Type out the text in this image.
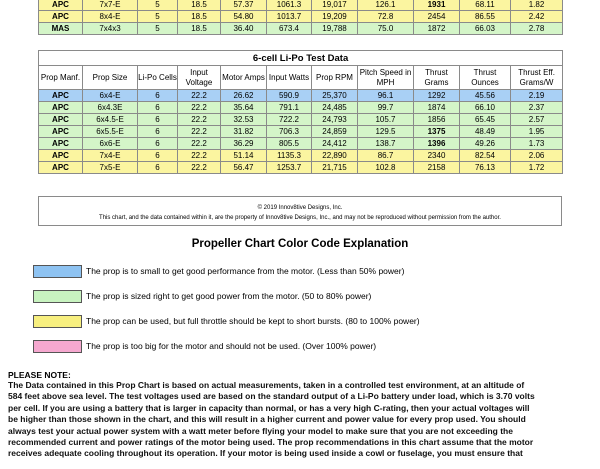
APC	7x7-E	5	18.5	57.37	1061.3	19,017	126.1	1931	68.11	1.82
APC	8x4-E	5	18.5	54.80	1013.7	19,209	72.8	2454	86.55	2.42
MAS	7x4x3	5	18.5	36.40	673.4	19,788	75.0	1872	66.03	2.78
6-cell Li-Po Test Data										
Prop Manf.	Prop Size	Li-Po Cells	Input Voltage	Motor Amps	Input Watts	Prop RPM	Pitch Speed in MPH	Thrust Grams	Thrust Ounces	Thrust Eff. Grams/W
APC	6x4-E	6	22.2	26.62	590.9	25,370	96.1	1292	45.56	2.19
APC	6x4.3E	6	22.2	35.64	791.1	24,485	99.7	1874	66.10	2.37
APC	6x4.5-E	6	22.2	32.53	722.2	24,793	105.7	1856	65.45	2.57
APC	6x5.5-E	6	22.2	31.82	706.3	24,859	129.5	1375	48.49	1.95
APC	6x6-E	6	22.2	36.29	805.5	24,412	138.7	1396	49.26	1.73
APC	7x4-E	6	22.2	51.14	1135.3	22,890	86.7	2340	82.54	2.06
APC	7x5-E	6	22.2	56.47	1253.7	21,715	102.8	2158	76.13	1.72
© 2019 Innov8tive Designs, Inc.
This chart, and the data contained within it, are the property of Innov8tive Designs, Inc., and may not be reproduced without permission from the author.
Propeller Chart Color Code Explanation
The prop is to small to get good performance from the motor. (Less than 50% power)
The prop is sized right to get good power from the motor. (50 to 80% power)
The prop can be used, but full throttle should be kept to short bursts. (80 to 100% power)
The prop is too big for the motor and should not be used. (Over 100% power)
PLEASE NOTE:
The Data contained in this Prop Chart is based on actual measurements, taken in a controlled test environment, at an altitude of
584 feet above sea level. The test voltages used are based on the standard output of a Li-Po battery under load, which is 3.70 volts
per cell. If you are using a battery that is larger in capacity than normal, or has a very high C-rating, then your actual voltages will
be higher than those shown in the chart, and this will result in a higher current and power value for every prop used. You should
always test your actual power system with a watt meter before flying your model to make sure that you are not exceeding the
recommended current and power ratings of the motor being used. The prop recommendations in this chart assume that the motor
receives adequate cooling throughout its operation. If your motor is being used inside a cowl or fuselage, you must ensure that
